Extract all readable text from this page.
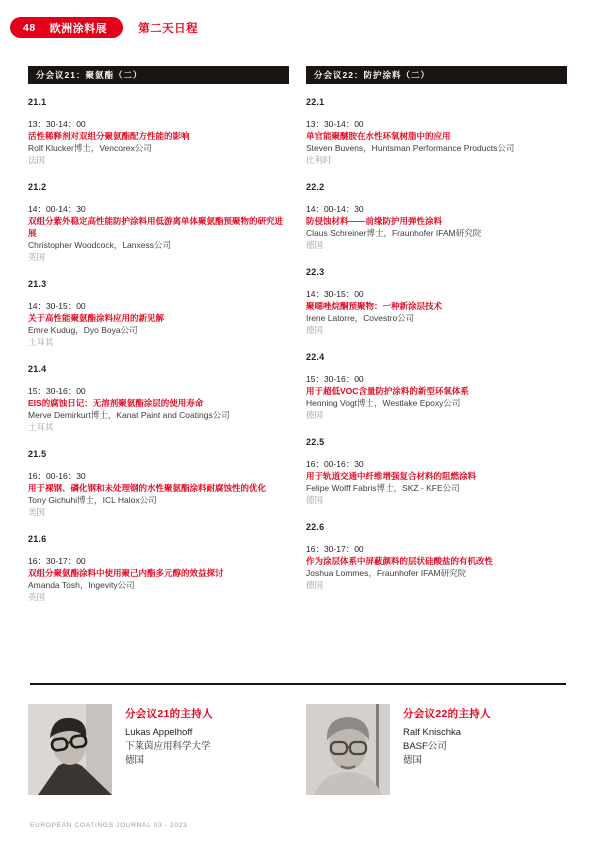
48 欧洲涂料展	第二天日程
分会议21：聚氨酯（二）
21.1
13：30-14：00
活性稀释剂对双组分聚氨酯配方性能的影响
Rolf Klucker博士，Vencorex公司
法国
21.2
14：00-14：30
双组分紫外稳定高性能防护涂料用低游离单体聚氨酯预聚物的研究进展
Christopher Woodcock，Lanxess公司
英国
21.3
14：30-15：00
关于高性能聚氨酯涂料应用的新见解
Emre Kudug，Dyo Boya公司
土耳其
21.4
15：30-16：00
EIS的腐蚀日记：无溶剂聚氨酯涂层的使用寿命
Merve Demirkurt博士，Kanat Paint and Coatings公司
土耳其
21.5
16：00-16：30
用于裸钢、磷化钢和未处理钢的水性聚氨酯涂料耐腐蚀性的优化
Tony Gichuhi博士，ICL Halox公司
美国
21.6
16：30-17：00
双组分聚氨酯涂料中使用聚己内酯多元醇的效益探讨
Amanda Tosh，Ingevity公司
英国
分会议22：防护涂料（二）
22.1
13：30-14：00
单官能聚醚胺在水性环氧树脂中的应用
Steven Buvens，Huntsman Performance Products公司
比利时
22.2
14：00-14：30
防侵蚀材料——前缘防护用弹性涂料
Claus Schreiner博士，Fraunhofer IFAM研究院
德国
22.3
14：30-15：00
聚噁唑烷酮预聚物：一种新涂层技术
Irene Latorre，Covestro公司
德国
22.4
15：30-16：00
用于超低VOC含量防护涂料的新型环氧体系
Henning Vogt博士，Westlake Epoxy公司
德国
22.5
16：00-16：30
用于轨道交通中纤维增强复合材料的阻燃涂料
Felipe Wolff Fabris博士，SKZ - KFE公司
德国
22.6
16：30-17：00
作为涂层体系中屏蔽颜料的层状硅酸盐的有机改性
Joshua Lommes，Fraunhofer IFAM研究院
德国
分会议21的主持人
Lukas Appelhoff
下莱茵应用科学大学
德国
分会议22的主持人
Ralf Knischka
BASF公司
德国
EUROPEAN COATINGS JOURNAL 03 - 2023
